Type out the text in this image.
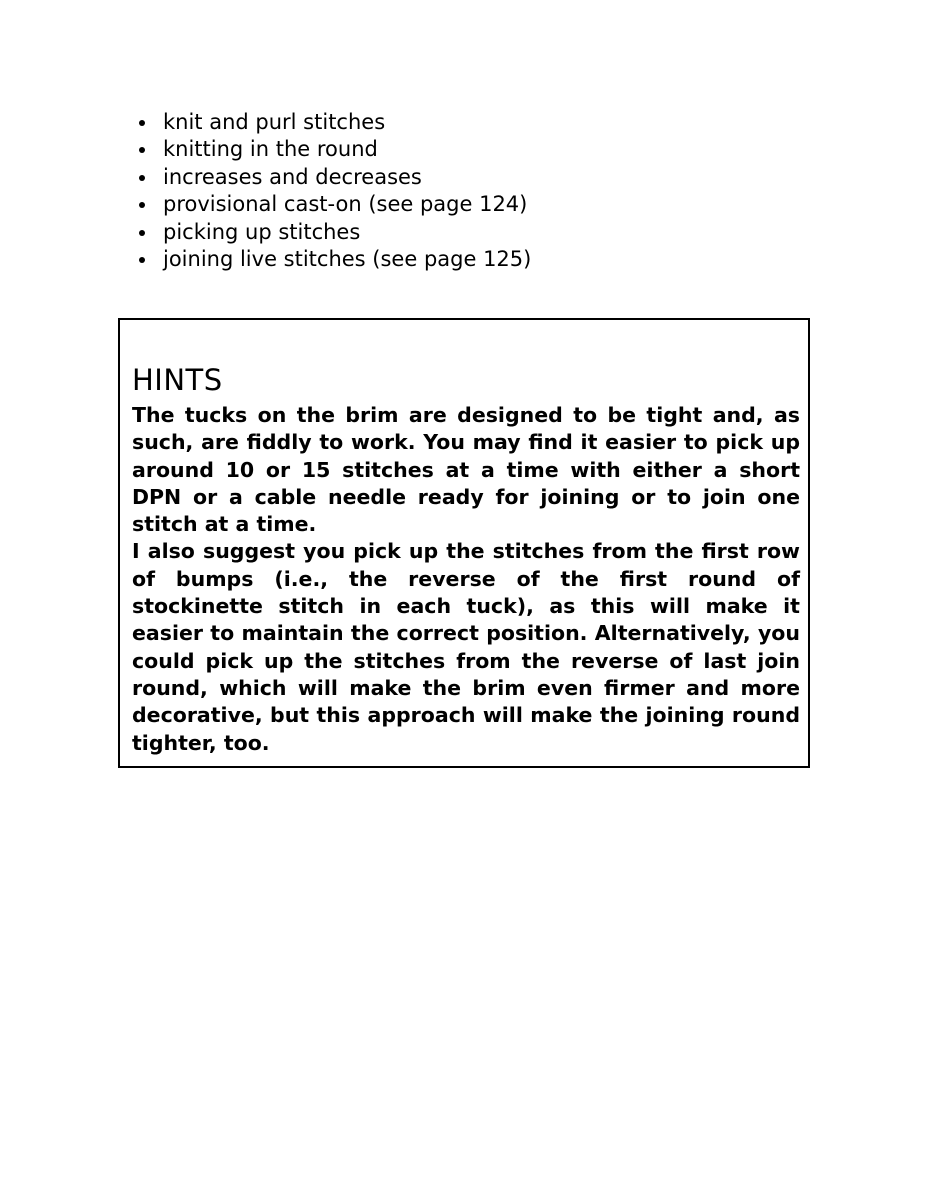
knit and purl stitches
knitting in the round
increases and decreases
provisional cast-on (see page 124)
picking up stitches
joining live stitches (see page 125)
HINTS

The tucks on the brim are designed to be tight and, as such, are fiddly to work. You may find it easier to pick up around 10 or 15 stitches at a time with either a short DPN or a cable needle ready for joining or to join one stitch at a time.

I also suggest you pick up the stitches from the first row of bumps (i.e., the reverse of the first round of stockinette stitch in each tuck), as this will make it easier to maintain the correct position. Alternatively, you could pick up the stitches from the reverse of last join round, which will make the brim even firmer and more decorative, but this approach will make the joining round tighter, too.
